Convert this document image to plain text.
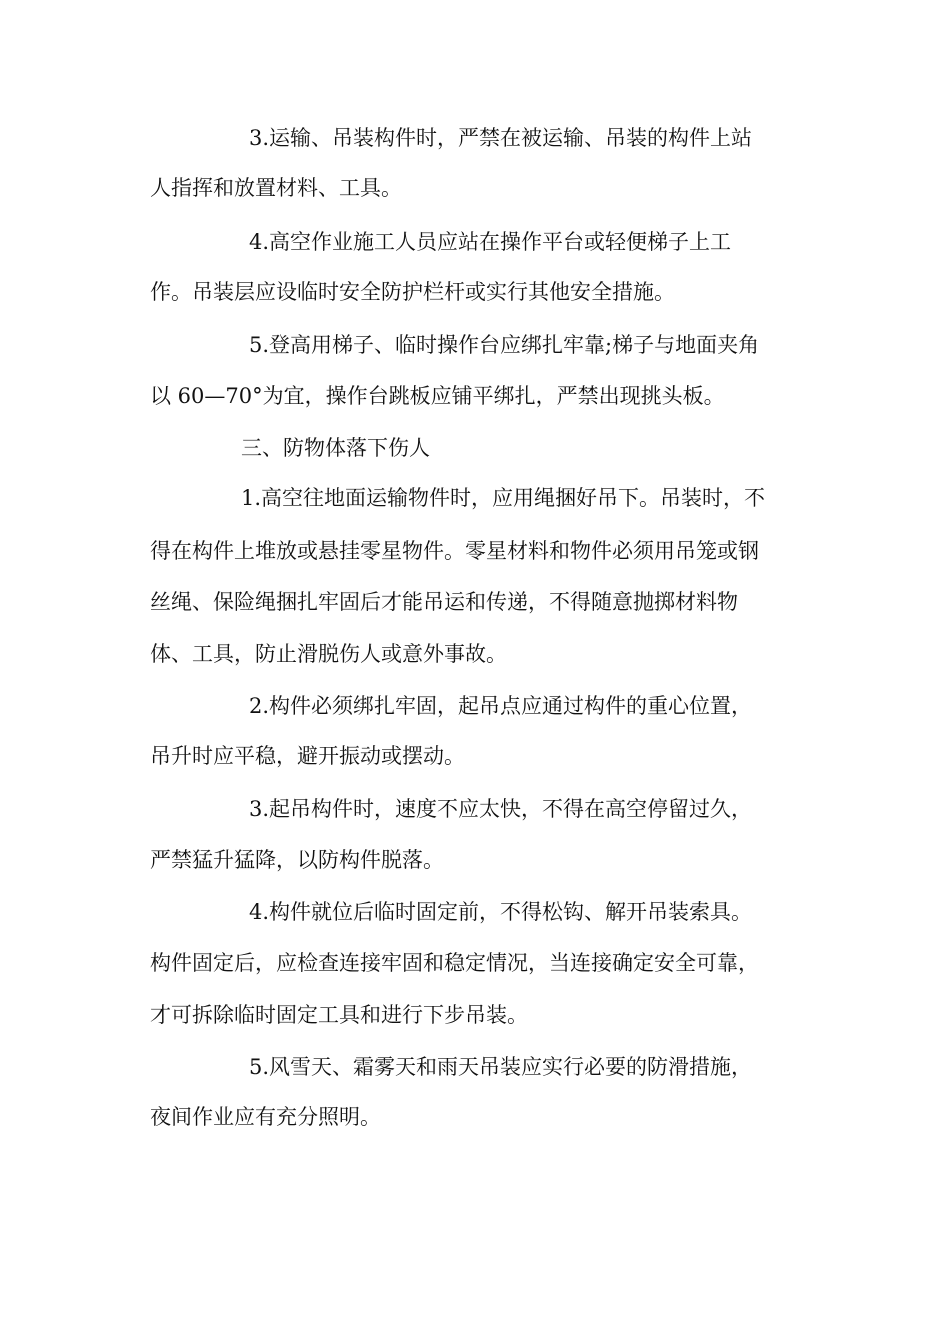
3.运输、吊装构件时，严禁在被运输、吊装的构件上站
人指挥和放置材料、工具。
4.高空作业施工人员应站在操作平台或轻便梯子上工
作。吊装层应设临时安全防护栏杆或实行其他安全措施。
5.登高用梯子、临时操作台应绑扎牢靠;梯子与地面夹角
以 60—70°为宜，操作台跳板应铺平绑扎，严禁出现挑头板。
三、防物体落下伤人
1.高空往地面运输物件时，应用绳捆好吊下。吊装时，不
得在构件上堆放或悬挂零星物件。零星材料和物件必须用吊笼或钢
丝绳、保险绳捆扎牢固后才能吊运和传递，不得随意抛掷材料物
体、工具，防止滑脱伤人或意外事故。
2.构件必须绑扎牢固，起吊点应通过构件的重心位置，
吊升时应平稳，避开振动或摆动。
3.起吊构件时，速度不应太快，不得在高空停留过久，
严禁猛升猛降，以防构件脱落。
4.构件就位后临时固定前，不得松钩、解开吊装索具。
构件固定后，应检查连接牢固和稳定情况，当连接确定安全可靠，
才可拆除临时固定工具和进行下步吊装。
5.风雪天、霜雾天和雨天吊装应实行必要的防滑措施，
夜间作业应有充分照明。
